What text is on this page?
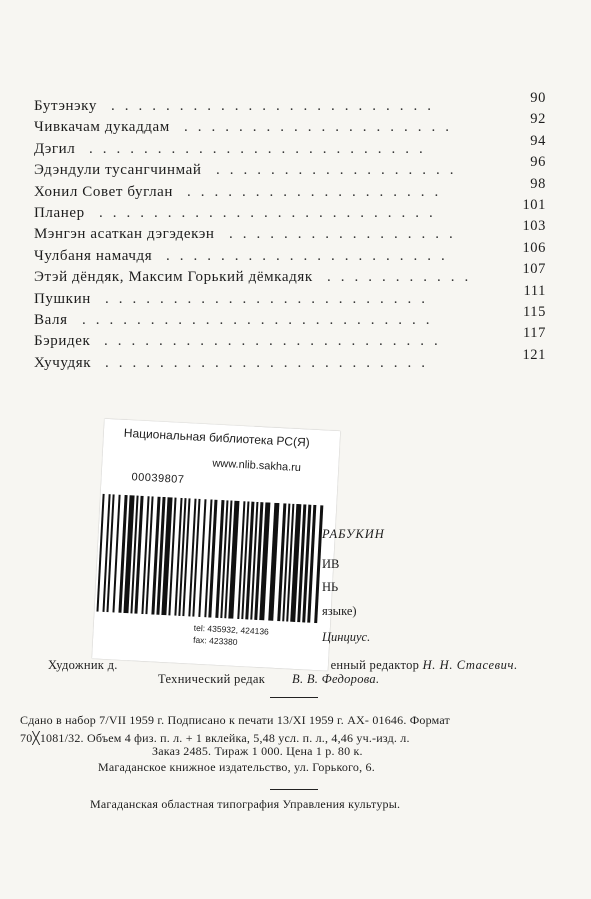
Бутэнэку ........................	90
Чивкачам дукаддам ....................	92
Дэгил .........................	94
Эдэндули тусангчинмай ..................	96
Хонил Совет буглан ...................	98
Планер .........................	101
Мэнгэн асаткан дэгэдекэн .................	103
Чулбаня намачдя .....................	106
Этэй дёндяк, Максим Горький дёмкадяк ...........	107
Пушкин ........................	111
Валя ..........................	115
Бэридек .........................	117
Хучудяк ........................	121
Национальная библиотека РС(Я)
www.nlib.sakha.ru
00039807
tel: 435932, 424136
fax: 423380
РАБУКИН
ИВ
НЬ
языке)
Цинциус.
Художник д.	енный редактор Н. Н. Стасевич.
Технический редак В. В. Федорова.
Сдано в набор 7/VII 1959 г. Подписано к печати 13/XI 1959 г. АХ- 01646. Формат
70╳1081/32. Объем 4 физ. п. л. + 1 вклейка, 5,48 усл. п. л., 4,46 уч.-изд. л.
Заказ 2485. Тираж 1 000. Цена 1 р. 80 к.
Магаданское книжное издательство, ул. Горького, 6.
Магаданская областная типография Управления культуры.
